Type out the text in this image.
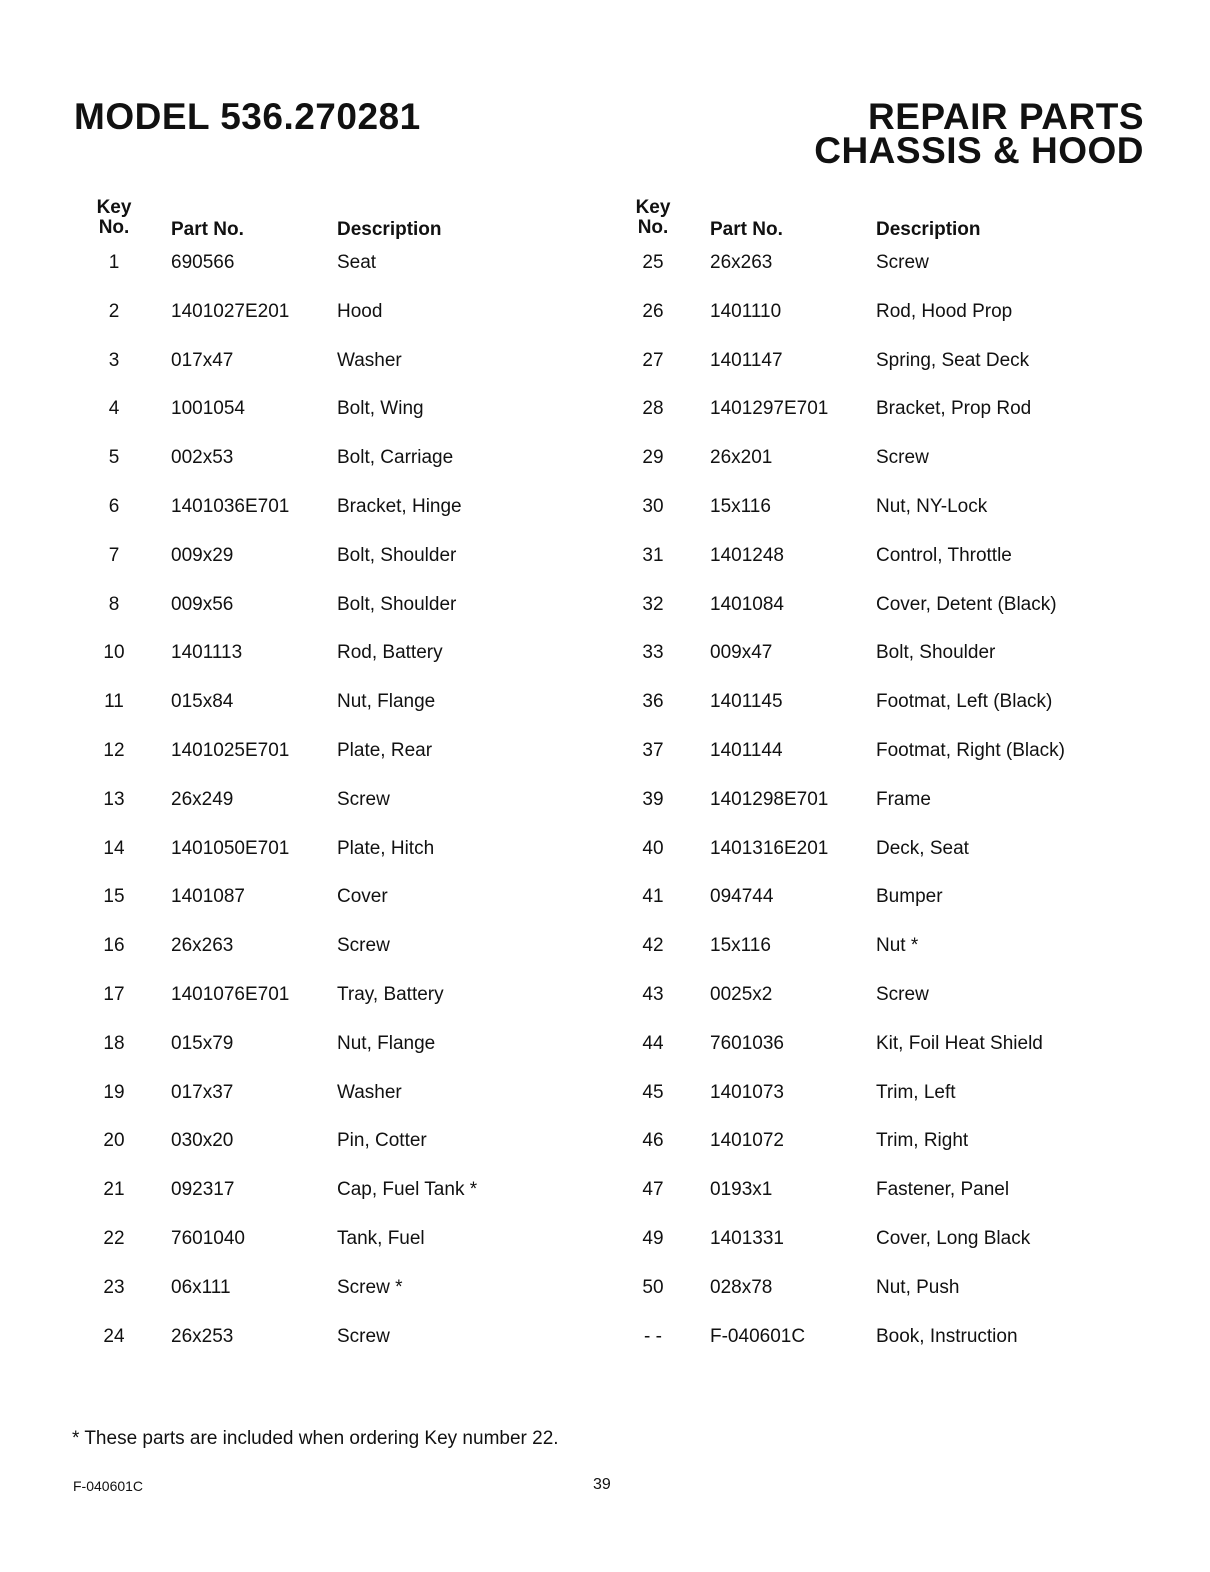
MODEL 536.270281	REPAIR PARTS
CHASSIS & HOOD
Key
No. Part No.	Description
1	690566	Seat
2	1401027E201	Hood
3	017x47	Washer
4	1001054	Bolt, Wing
5	002x53	Bolt, Carriage
6	1401036E701	Bracket, Hinge
7	009x29	Bolt, Shoulder
8	009x56	Bolt, Shoulder
10	1401113	Rod, Battery
11	015x84	Nut, Flange
12	1401025E701	Plate, Rear
13	26x249	Screw
14	1401050E701	Plate, Hitch
15	1401087	Cover
16	26x263	Screw
17	1401076E701	Tray, Battery
18	015x79	Nut, Flange
19	017x37	Washer
20	030x20	Pin, Cotter
21	092317	Cap, Fuel Tank *
22	7601040	Tank, Fuel
23	06x111	Screw *
24	26x253	Screw
Key
No. Part No.	Description
25	26x263	Screw
26	1401110	Rod, Hood Prop
27	1401147	Spring, Seat Deck
28	1401297E701	Bracket, Prop Rod
29	26x201	Screw
30	15x116	Nut, NY-Lock
31	1401248	Control, Throttle
32	1401084	Cover, Detent (Black)
33	009x47	Bolt, Shoulder
36	1401145	Footmat, Left (Black)
37	1401144	Footmat, Right (Black)
39	1401298E701	Frame
40	1401316E201	Deck, Seat
41	094744	Bumper
42	15x116	Nut *
43	0025x2	Screw
44	7601036	Kit, Foil Heat Shield
45	1401073	Trim, Left
46	1401072	Trim, Right
47	0193x1	Fastener, Panel
49	1401331	Cover, Long Black
50	028x78	Nut, Push
- -	F-040601C	Book, Instruction
* These parts are included when ordering Key number 22.
F-040601C	39
